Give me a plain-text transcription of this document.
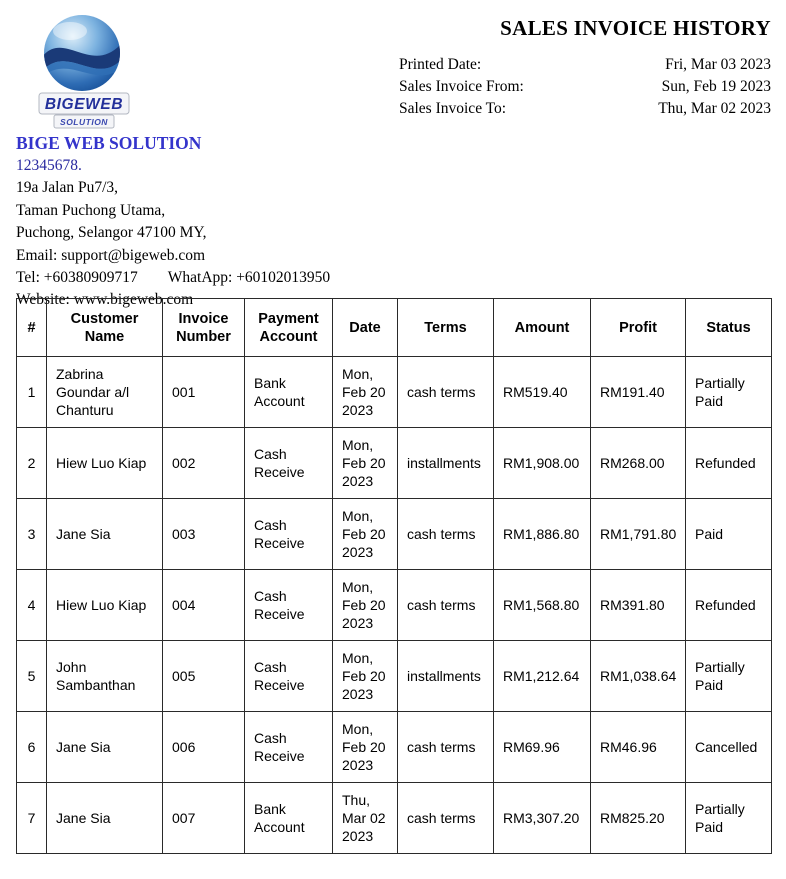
BIGEWEB
SOLUTION
SALES INVOICE HISTORY
Printed Date:	Fri, Mar 03 2023
Sales Invoice From:	Sun, Feb 19 2023
Sales Invoice To:	Thu, Mar 02 2023
BIGE WEB SOLUTION
12345678.
19a Jalan Pu7/3,
Taman Puchong Utama,
Puchong, Selangor 47100 MY,
Email: support@bigeweb.com
Tel: +60380909717 WhatApp: +60102013950
Website: www.bigeweb.com
#	Customer Name	Invoice Number	Payment Account	Date	Terms	Amount	Profit	Status
1	Zabrina Goundar a/l Chanturu	001	Bank Account	Mon, Feb 20 2023	cash terms	RM519.40	RM191.40	Partially Paid
2	Hiew Luo Kiap	002	Cash Receive	Mon, Feb 20 2023	installments	RM1,908.00	RM268.00	Refunded
3	Jane Sia	003	Cash Receive	Mon, Feb 20 2023	cash terms	RM1,886.80	RM1,791.80	Paid
4	Hiew Luo Kiap	004	Cash Receive	Mon, Feb 20 2023	cash terms	RM1,568.80	RM391.80	Refunded
5	John Sambanthan	005	Cash Receive	Mon, Feb 20 2023	installments	RM1,212.64	RM1,038.64	Partially Paid
6	Jane Sia	006	Cash Receive	Mon, Feb 20 2023	cash terms	RM69.96	RM46.96	Cancelled
7	Jane Sia	007	Bank Account	Thu, Mar 02 2023	cash terms	RM3,307.20	RM825.20	Partially Paid
